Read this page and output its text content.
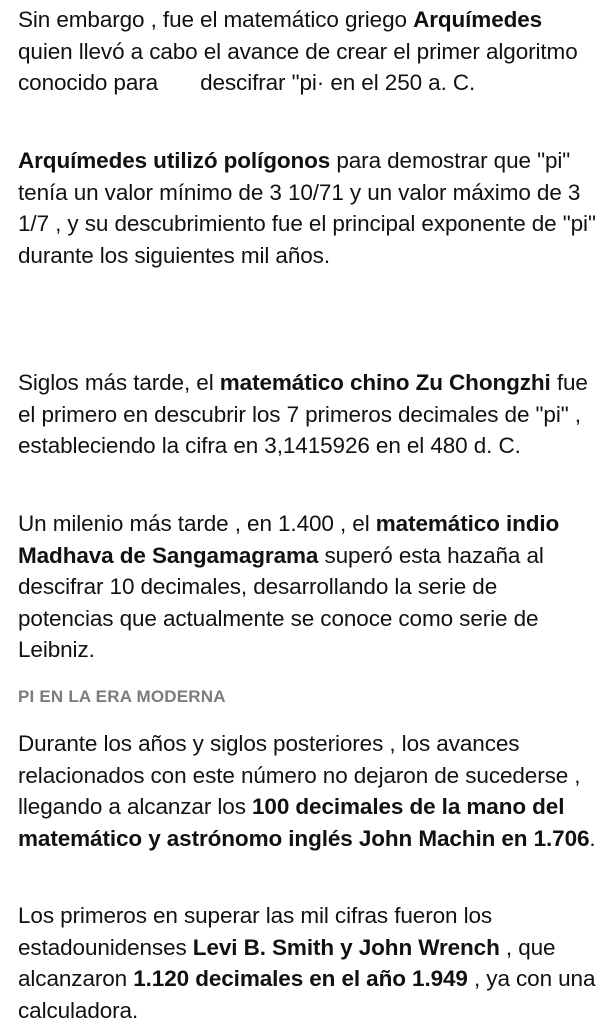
Sin embargo , fue el matemático griego Arquímedes quien llevó a cabo el avance de crear el primer algoritmo conocido para descifrar "pi· en el 250 a. C.

Arquímedes utilizó polígonos para demostrar que "pi" tenía un valor mínimo de 3 10/71 y un valor máximo de 3 1/7 , y su descubrimiento fue el principal exponente de "pi" durante los siguientes mil años.

Siglos más tarde, el matemático chino Zu Chongzhi fue el primero en descubrir los 7 primeros decimales de "pi" , estableciendo la cifra en 3,1415926 en el 480 d. C.

Un milenio más tarde , en 1.400 , el matemático indio Madhava de Sangamagrama superó esta hazaña al descifrar 10 decimales, desarrollando la serie de potencias que actualmente se conoce como serie de Leibniz.

PI EN LA ERA MODERNA

Durante los años y siglos posteriores , los avances relacionados con este número no dejaron de sucederse , llegando a alcanzar los 100 decimales de la mano del matemático y astrónomo inglés John Machin en 1.706.

Los primeros en superar las mil cifras fueron los estadounidenses Levi B. Smith y John Wrench , que alcanzaron 1.120 decimales en el año 1.949 , ya con una calculadora.
